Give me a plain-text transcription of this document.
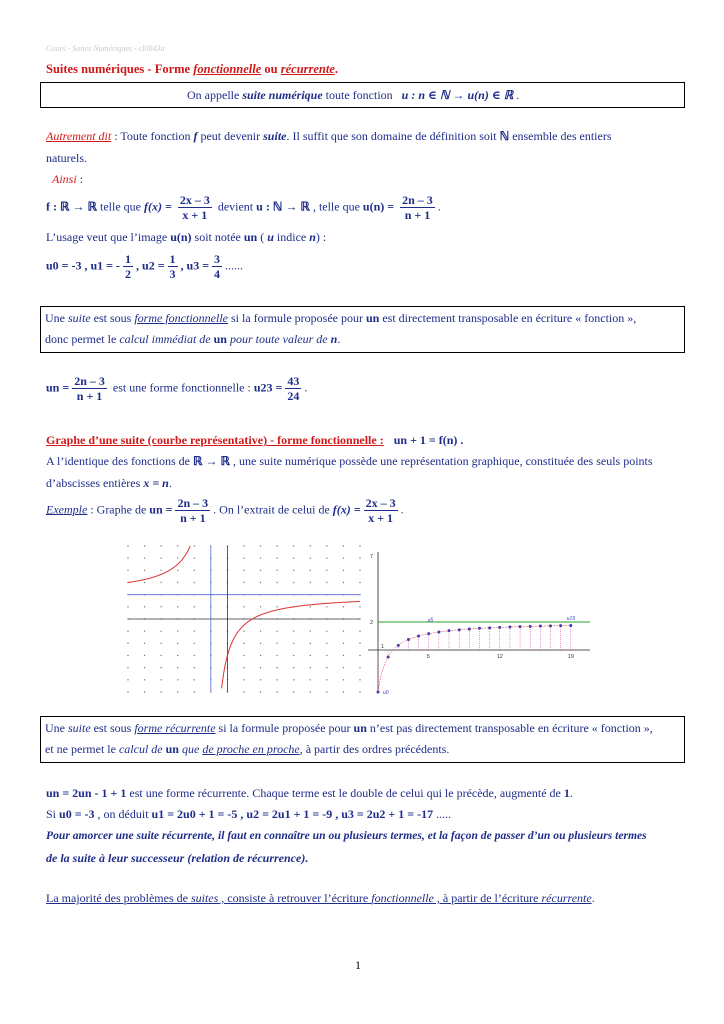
Cours - Suites Numériques - cl0043a
Suites numériques - Forme fonctionnelle ou récurrente.
On appelle suite numérique toute fonction u : n ∈ ℕ → u(n) ∈ ℝ .
Autrement dit : Toute fonction f peut devenir suite. Il suffit que son domaine de définition soit ℕ ensemble des entiers
naturels.
Ainsi :
f : ℝ → ℝ telle que $f(x) = \frac{2x - 3}{x + 1}$ devient u : ℕ → ℝ , telle que $u(n) = \frac{2n - 3}{n + 1}$ .
L’usage veut que l’image u(n) soit notée un ( u indice n) :
u0 = -3 , u1 = - $\frac{1}{2}$ , $u2 = \frac{1}{3}$ , $u3 = \frac{3}{4}$ ......
Une suite est sous forme fonctionnelle si la formule proposée pour un est directement transposable en écriture « fonction »,
donc permet le calcul immédiat de un pour toute valeur de n.
un = $\frac{2n - 3}{n + 1}$ est une forme fonctionnelle : $u23 = \frac{43}{24}$ .
Graphe d’une suite (courbe représentative) - forme fonctionnelle : un + 1 = f(n) .
A l’identique des fonctions de ℝ → ℝ , une suite numérique possède une représentation graphique, constituée des seuls points
d’abscisses entières x = n.
Exemple : Graphe de un = $\frac{2n - 3}{n + 1}$ . On l’extrait de celui de $f(x) = \frac{2x - 3}{x + 1}$ .
7
2
1
5	12	19
u0
u19
u5
Une suite est sous forme récurrente si la formule proposée pour un n’est pas directement transposable en écriture « fonction »,
et ne permet le calcul de un que de proche en proche, à partir des ordres précédents.
un = 2un - 1 + 1 est une forme récurrente. Chaque terme est le double de celui qui le précède, augmenté de 1.
Si u0 = -3 , on déduit u1 = 2u0 + 1 = -5 , u2 = 2u1 + 1 = -9 , u3 = 2u2 + 1 = -17 .....
Pour amorcer une suite récurrente, il faut en connaître un ou plusieurs termes, et la façon de passer d’un ou plusieurs termes
de la suite à leur successeur (relation de récurrence).
La majorité des problèmes de suites , consiste à retrouver l’écriture fonctionnelle , à partir de l’écriture récurrente.
1
